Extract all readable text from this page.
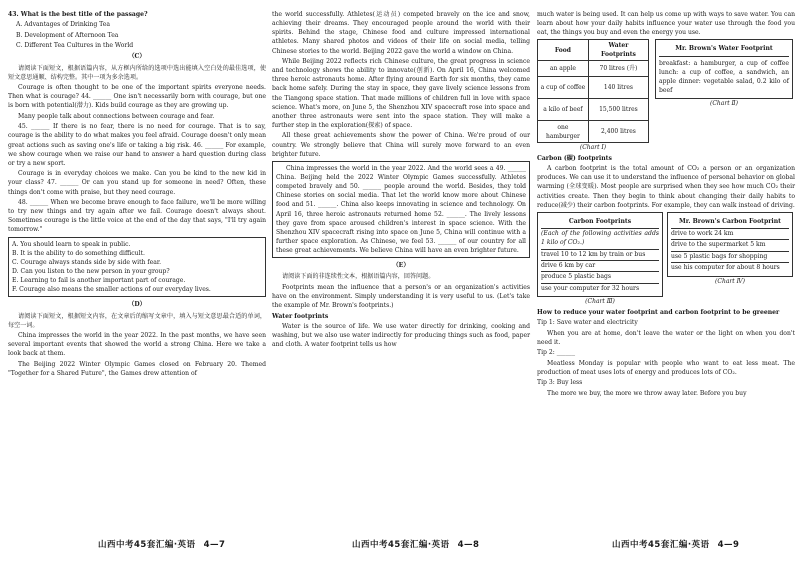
43. What is the best title of the passage?

A. Advantages of Drinking Tea

B. Development of Afternoon Tea

C. Different Tea Cultures in the World

（C）

请阅读下面短文，根据语篇内容，从方框内所给的选项中选出能填入空白处的最佳选项，使短文意思通顺、结构完整。其中一项为多余选项。

Courage is often thought to be one of the important spirits everyone needs. Then what is courage? 44. ______ One isn't necessarily born with courage, but one is born with potential(潜力). Kids build courage as they are growing up.

Many people talk about connections between courage and fear.

45. ______ If there is no fear, there is no need for courage. That is to say, courage is the ability to do what makes you feel afraid. Courage doesn't only mean great actions such as saving one's life or taking a big risk. 46. ______ For example, we show courage when we raise our hand to answer a hard question during class or try a new sport.

Courage is in everyday choices we make. Can you be kind to the new kid in your class? 47. ______ Or can you stand up for someone in need? Often, these things don't come with praise, but they need courage.

48. ______ When we become brave enough to face failure, we'll be more willing to try new things and try again after we fail. Courage doesn't always shout. Sometimes courage is the little voice at the end of the day that says, "I'll try again tomorrow."

A. You should learn to speak in public.

B. It is the ability to do something difficult.

C. Courage always stands side by side with fear.

D. Can you listen to the new person in your group?

E. Learning to fail is another important part of courage.

F. Courage also means the smaller actions of our everyday lives.

（D）

请阅读下面短文，根据短文内容，在文章后的缩写文章中，填入与短文意思最合适的单词，每空一词。

China impresses the world in the year 2022. In the past months, we have seen several important events that showed the world a strong China. Here we take a look back at them.

The Beijing 2022 Winter Olympic Games closed on February 20. Themed "Together for a Shared Future", the Games drew attention of

the world successfully. Athletes(运动员) competed bravely on the ice and snow, achieving their dreams. They encouraged people around the world with their spirits. Behind the stage, Chinese food and culture impressed international athletes. Many shared photos and videos of their life on social media, telling Chinese stories to the world. Beijing 2022 gave the world a window on China.

While Beijing 2022 reflects rich Chinese culture, the great progress in science and technology shows the ability to innovate(创新). On April 16, China welcomed three heroic astronauts home. After flying around Earth for six months, they came back home safely. During the stay in space, they gave lively science lessons from the Tiangong space station. That made millions of children full in love with space science. What's more, on June 5, the Shenzhou XIV spacecraft rose into space and another three astronauts were sent into the space station. They will make a further step in the exploration(探索) of space.

All these great achievements show the power of China. We're proud of our country. We strongly believe that China will surely move forward to an even brighter future.

China impresses the world in the year 2022. And the world sees a 49. ______ China. Beijing held the 2022 Winter Olympic Games successfully. Athletes competed bravely and 50. ______ people around the world. Besides, they told Chinese stories on social media. That let the world know more about Chinese food and 51. ______. China also keeps innovating in science and technology. On April 16, three heroic astronauts returned home 52. ______. The lively lessons they gave from space aroused children's interest in space science. With the Shenzhou XIV spacecraft rising into space on June 5, China will continue with a further space exploration. As Chinese, we feel 53. ______ of our country for all these great achievements. We believe China will have an even brighter future.

（E）

请阅读下面的非连续性文本，根据语篇内容，回答问题。

Footprints mean the influence that a person's or an organization's activities have on the environment. Simply understanding it is very useful to us. (Let's take the example of Mr. Brown's footprints.)

Water footprints

Water is the source of life. We use water directly for drinking, cooking and washing, but we also use water indirectly for producing things such as food, paper and cloth. A water footprint tells us how

much water is being used. It can help us come up with ways to save water. You can learn about how your daily habits influence your water use through the food you eat, the things you buy and even the energy you use.

Food	Water Footprints
an apple	70 litres (升)
a cup of coffee	140 litres
a kilo of beef	15,500 litres
one hamburger	2,400 litres

(Chart Ⅰ)

Mr. Brown's Water Footprint

breakfast: a hamburger, a cup of coffee lunch: a cup of coffee, a sandwich, an apple dinner: vegetable salad, 0.2 kilo of beef

(Chart Ⅱ)

Carbon (碳) footprints

A carbon footprint is the total amount of CO₂ a person or an organization produces. We can use it to understand the influence of personal behavior on global warming (全球变暖). Most people are surprised when they see how much CO₂ their activities create. Then they begin to think about changing their daily habits to reduce(减少) their carbon footprints. For example, they can walk instead of driving.

Carbon Footprints

(Each of the following activities adds 1 kilo of CO₂.)

travel 10 to 12 km by train or bus

drive 6 km by car

produce 5 plastic bags

use your computer for 32 hours

(Chart Ⅲ)

Mr. Brown's Carbon Footprint

drive to work 24 km

drive to the supermarket 5 km

use 5 plastic bags for shopping

use his computer for about 8 hours

(Chart Ⅳ)

How to reduce your water footprint and carbon footprint to be greener

Tip 1: Save water and electricity

When you are at home, don't leave the water or the light on when you don't need it.

Tip 2: ______

Meatless Monday is popular with people who want to eat less meat. The production of meat uses lots of energy and produces lots of CO₂.

Tip 3: Buy less

The more we buy, the more we throw away later. Before you buy

山西中考45套汇编·英语 4—7	山西中考45套汇编·英语 4—8	山西中考45套汇编·英语 4—9
